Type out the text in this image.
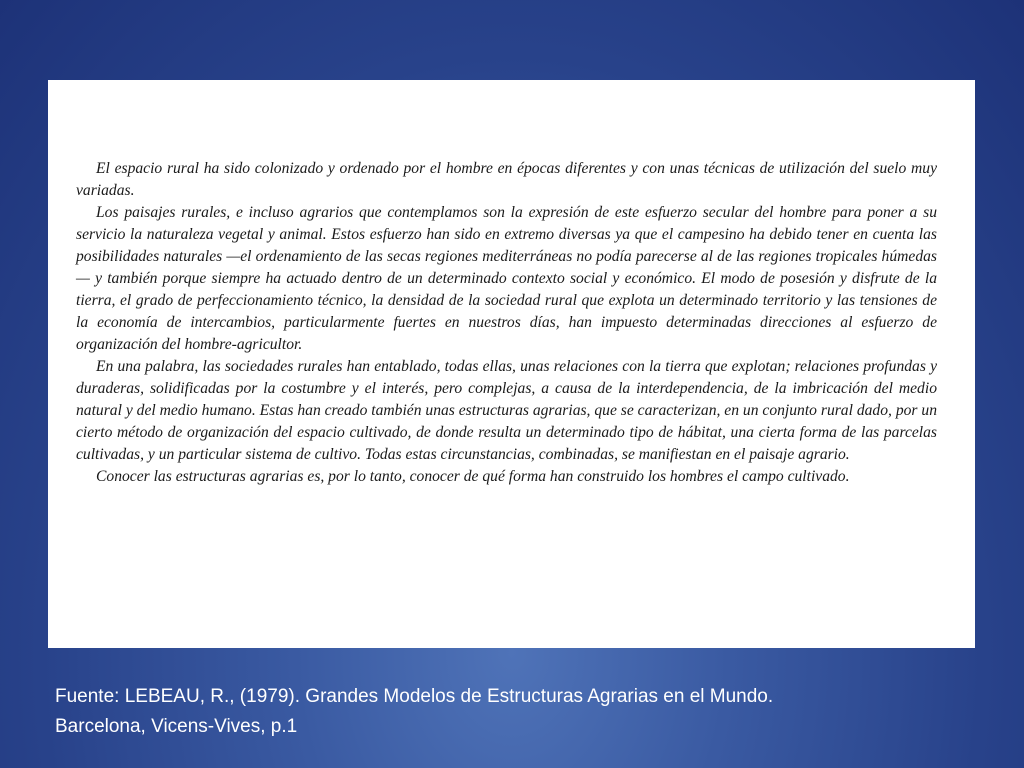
El espacio rural ha sido colonizado y ordenado por el hombre en épocas diferentes y con unas técnicas de utilización del suelo muy variadas.

Los paisajes rurales, e incluso agrarios que contemplamos son la expresión de este esfuerzo secular del hombre para poner a su servicio la naturaleza vegetal y animal. Estos esfuerzo han sido en extremo diversas ya que el campesino ha debido tener en cuenta las posibilidades naturales —el ordenamiento de las secas regiones mediterráneas no podía parecerse al de las regiones tropicales húmedas— y también porque siempre ha actuado dentro de un determinado contexto social y económico. El modo de posesión y disfrute de la tierra, el grado de perfeccionamiento técnico, la densidad de la sociedad rural que explota un determinado territorio y las tensiones de la economía de intercambios, particularmente fuertes en nuestros días, han impuesto determinadas direcciones al esfuerzo de organización del hombre-agricultor.

En una palabra, las sociedades rurales han entablado, todas ellas, unas relaciones con la tierra que explotan; relaciones profundas y duraderas, solidificadas por la costumbre y el interés, pero complejas, a causa de la interdependencia, de la imbricación del medio natural y del medio humano. Estas han creado también unas estructuras agrarias, que se caracterizan, en un conjunto rural dado, por un cierto método de organización del espacio cultivado, de donde resulta un determinado tipo de hábitat, una cierta forma de las parcelas cultivadas, y un particular sistema de cultivo. Todas estas circunstancias, combinadas, se manifiestan en el paisaje agrario.

Conocer las estructuras agrarias es, por lo tanto, conocer de qué forma han construido los hombres el campo cultivado.

Fuente: LEBEAU, R., (1979). Grandes Modelos de Estructuras Agrarias en el Mundo.
Barcelona, Vicens-Vives, p.1
